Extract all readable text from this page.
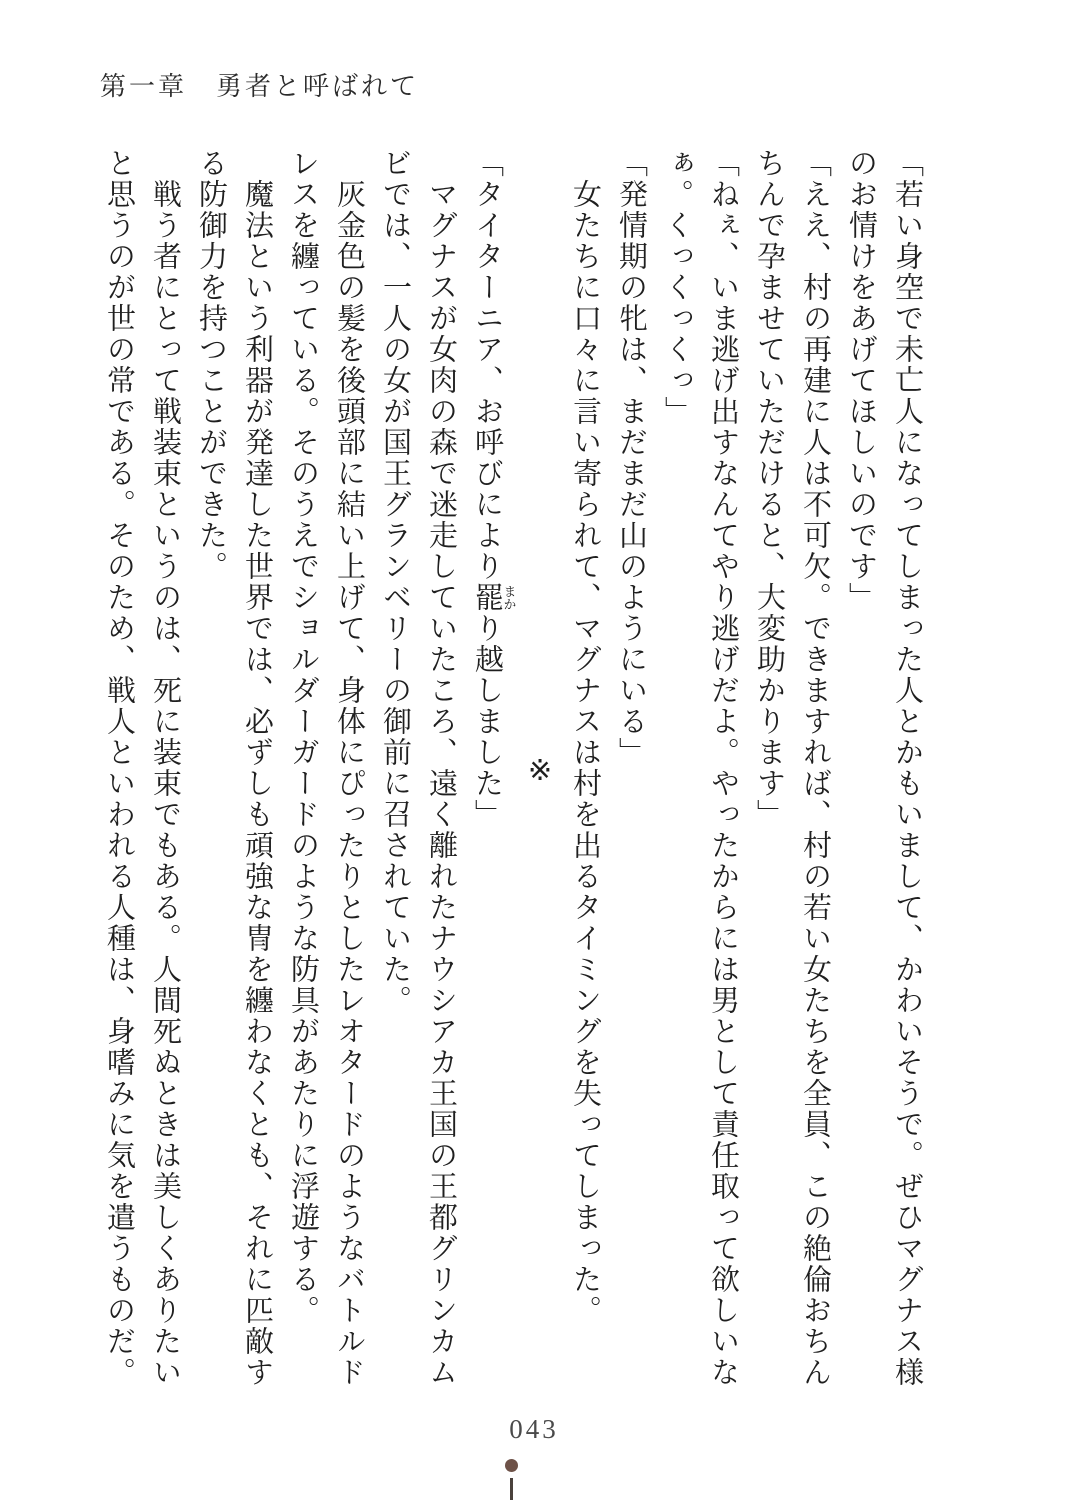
第一章　勇者と呼ばれて

「若い身空で未亡人になってしまった人とかもいまして、かわいそうで。ぜひマグナス様のお情けをあげてほしいのです」

「ええ、村の再建に人は不可欠。できますれば、村の若い女たちを全員、この絶倫おちんちんで孕ませていただけると、大変助かります」

「ねぇ、いま逃げ出すなんてやり逃げだよ。やったからには男として責任取って欲しいなぁ。くっくっくっ」

「発情期の牝は、まだまだ山のようにいる」

女たちに口々に言い寄られて、マグナスは村を出るタイミングを失ってしまった。

※

「タイターニア、お呼びにより罷まかり越しました」

マグナスが女肉の森で迷走していたころ、遠く離れたナウシアカ王国の王都グリンカムビでは、一人の女が国王グランベリーの御前に召されていた。

灰金色の髪を後頭部に結い上げて、身体にぴったりとしたレオタードのようなバトルドレスを纏っている。そのうえでショルダーガードのような防具があたりに浮遊する。

魔法という利器が発達した世界では、必ずしも頑強な冑を纏わなくとも、それに匹敵する防御力を持つことができた。

戦う者にとって戦装束というのは、死に装束でもある。人間死ぬときは美しくありたいと思うのが世の常である。そのため、戦人といわれる人種は、身嗜みに気を遣うものだ。

043
